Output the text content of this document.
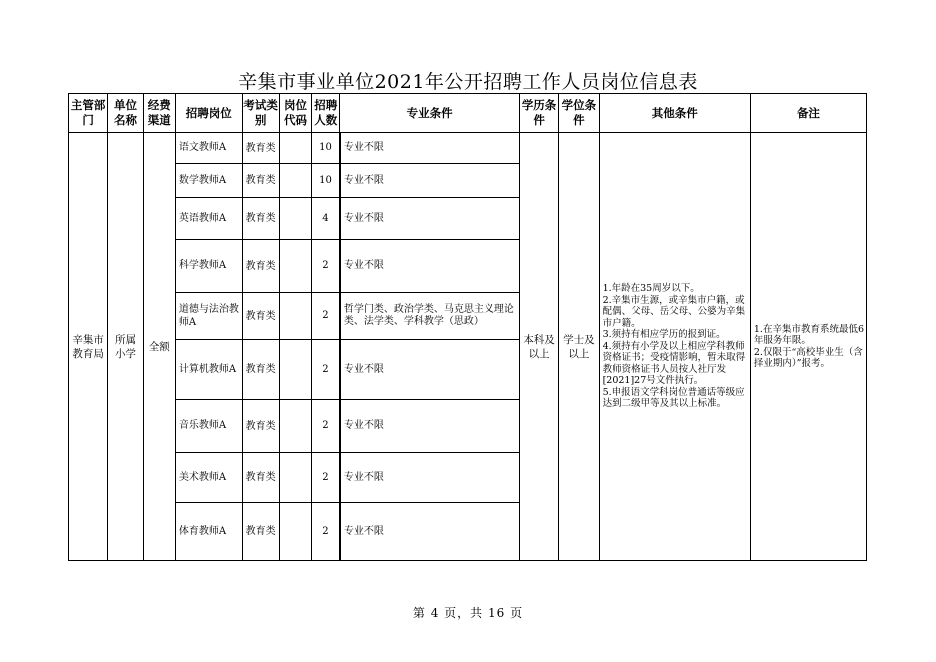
辛集市事业单位2021年公开招聘工作人员岗位信息表
主管部门	单位名称	经费渠道	招聘岗位	考试类别	岗位代码	招聘人数	专业条件	学历条件	学位条件	其他条件	备注
辛集市教育局	所属小学	全额	语文教师A	教育类		10	专业不限	本科及以上	学士及以上	1.年龄在35周岁以下。
2.辛集市生源，或辛集市户籍，或配偶、父母、岳父母、公婆为辛集市户籍。
3.须持有相应学历的报到证。
4.须持有小学及以上相应学科教师资格证书；受疫情影响，暂未取得教师资格证书人员按人社厅发[2021]27号文件执行。
5.申报语文学科岗位普通话等级应达到二级甲等及其以上标准。	1.在辛集市教育系统最低6年服务年限。
2.仅限于“高校毕业生（含择业期内）”报考。
			数学教师A	教育类		10	专业不限				
			英语教师A	教育类		4	专业不限				
			科学教师A	教育类		2	专业不限				
			道德与法治教师A	教育类		2	哲学门类、政治学类、马克思主义理论类、法学类、学科教学（思政）				
			计算机教师A	教育类		2	专业不限				
			音乐教师A	教育类		2	专业不限				
			美术教师A	教育类		2	专业不限				
			体育教师A	教育类		2	专业不限				
第 4 页，共 16 页
